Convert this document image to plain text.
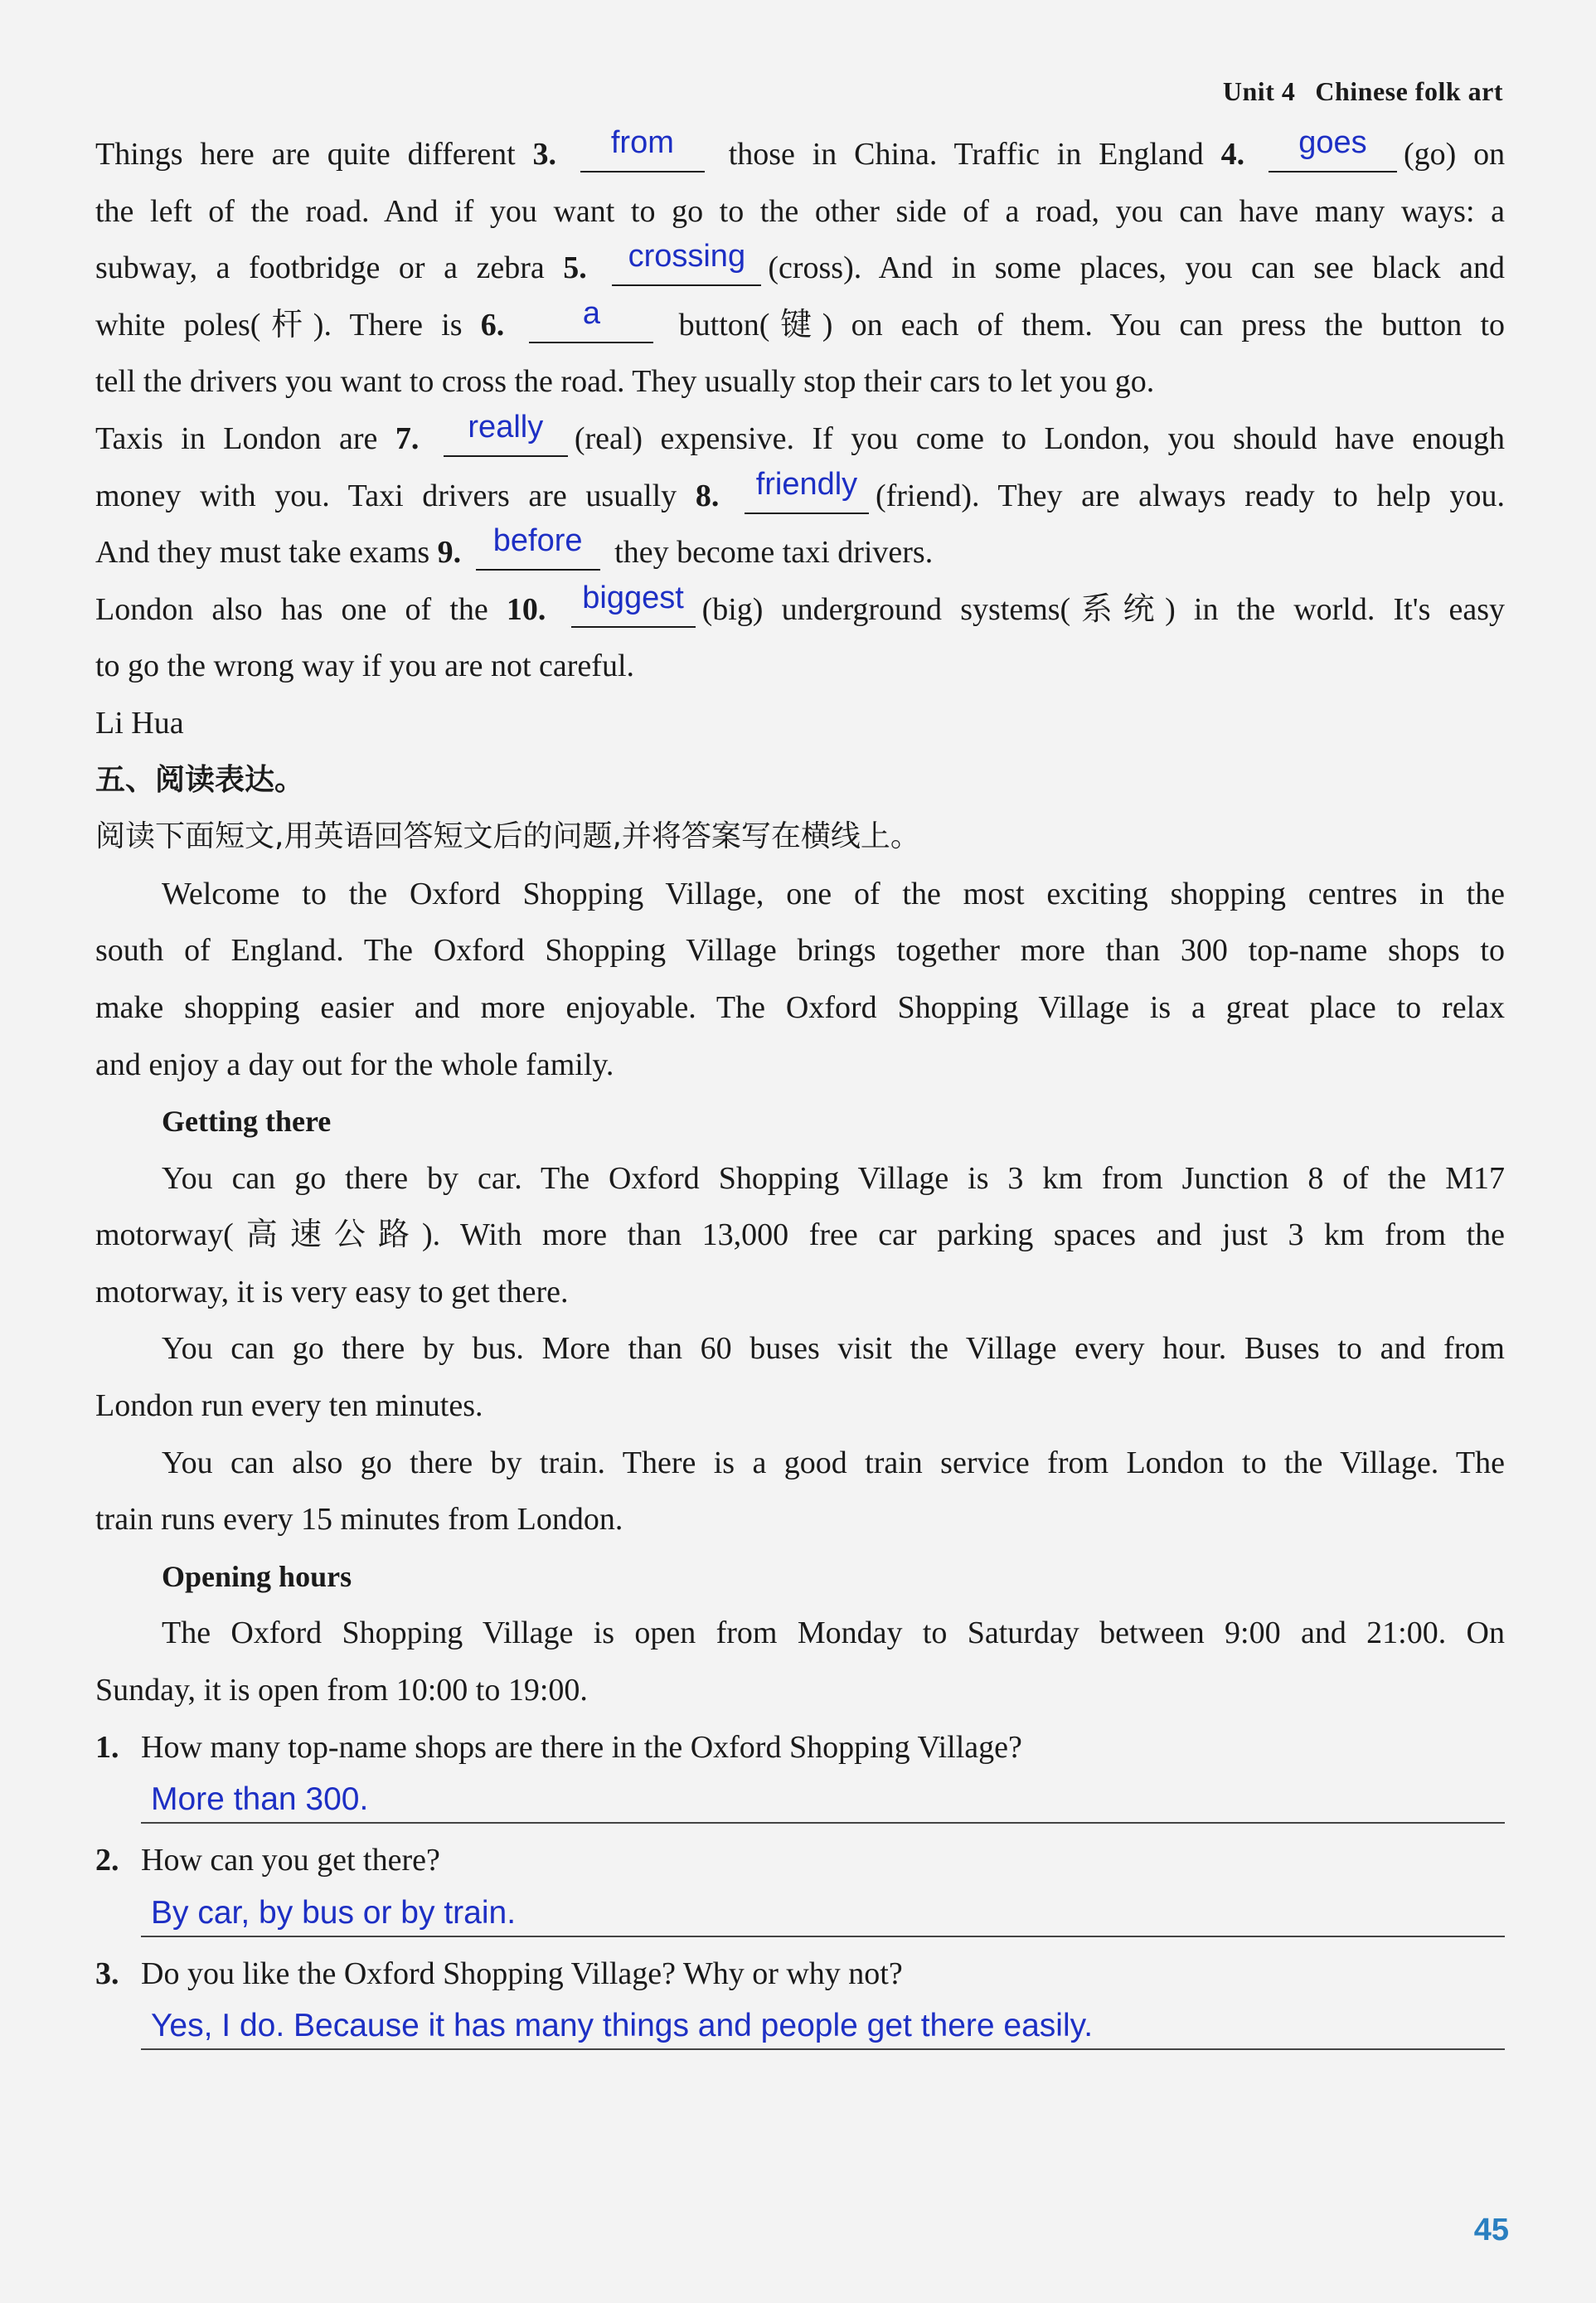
Unit 4 Chinese folk art
Things here are quite different 3. from those in China. Traffic in England 4. goes (go) on
the left of the road. And if you want to go to the other side of a road, you can have many ways: a
subway, a footbridge or a zebra 5. crossing (cross). And in some places, you can see black and
white poles(杆). There is 6. a button(键) on each of them. You can press the button to
tell the drivers you want to cross the road. They usually stop their cars to let you go.
Taxis in London are 7. really (real) expensive. If you come to London, you should have enough
money with you. Taxi drivers are usually 8. friendly (friend). They are always ready to help you.
And they must take exams 9. before they become taxi drivers.
London also has one of the 10. biggest (big) underground systems(系统) in the world. It's easy
to go the wrong way if you are not careful.
Li Hua
五、阅读表达。
阅读下面短文,用英语回答短文后的问题,并将答案写在横线上。
Welcome to the Oxford Shopping Village, one of the most exciting shopping centres in the
south of England. The Oxford Shopping Village brings together more than 300 top-name shops to
make shopping easier and more enjoyable. The Oxford Shopping Village is a great place to relax
and enjoy a day out for the whole family.
Getting there
You can go there by car. The Oxford Shopping Village is 3 km from Junction 8 of the M17
motorway(高速公路). With more than 13,000 free car parking spaces and just 3 km from the
motorway, it is very easy to get there.
You can go there by bus. More than 60 buses visit the Village every hour. Buses to and from
London run every ten minutes.
You can also go there by train. There is a good train service from London to the Village. The
train runs every 15 minutes from London.
Opening hours
The Oxford Shopping Village is open from Monday to Saturday between 9:00 and 21:00. On
Sunday, it is open from 10:00 to 19:00.
1. How many top-name shops are there in the Oxford Shopping Village?
More than 300.
2. How can you get there?
By car, by bus or by train.
3. Do you like the Oxford Shopping Village? Why or why not?
Yes, I do. Because it has many things and people get there easily.
45
